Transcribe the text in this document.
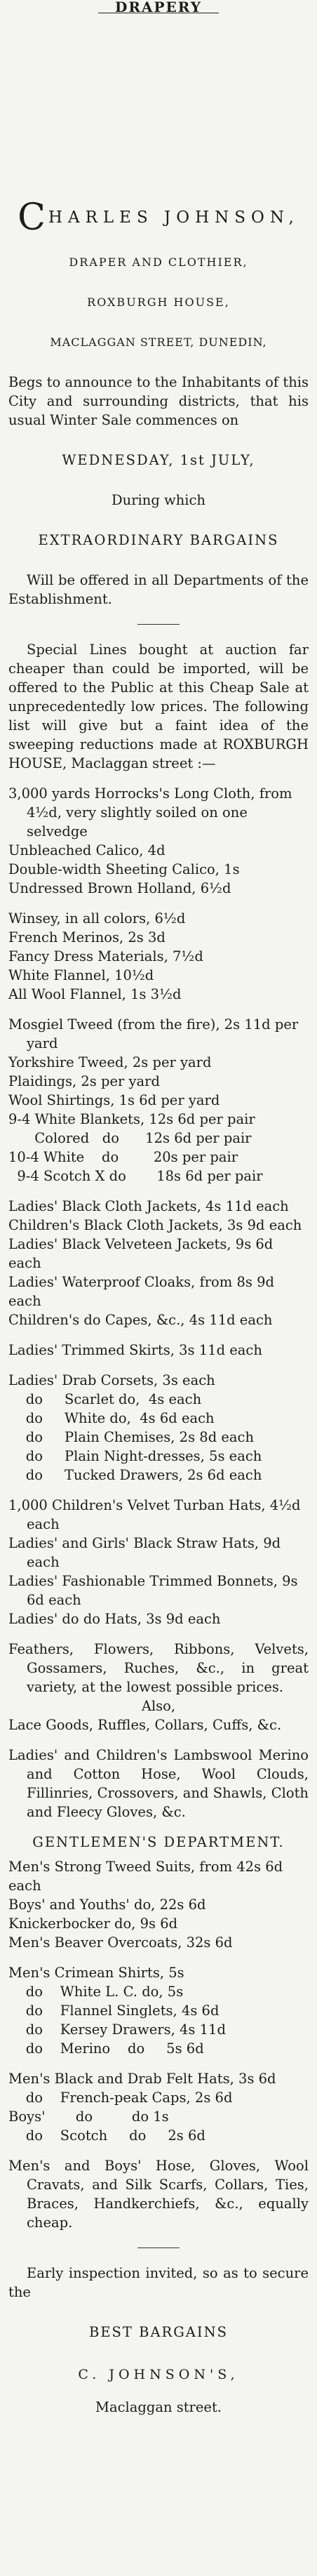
DRAPERY

CHARLES JOHNSON,

DRAPER AND CLOTHIER,

ROXBURGH HOUSE,

MACLAGGAN STREET, DUNEDIN,

Begs to announce to the Inhabitants of this City and surrounding districts, that his usual Winter Sale commences on

WEDNESDAY, 1st JULY,

During which

EXTRAORDINARY BARGAINS

Will be offered in all Departments of the Establishment.

Special Lines bought at auction far cheaper than could be imported, will be offered to the Public at this Cheap Sale at unprecedentedly low prices. The following list will give but a faint idea of the sweeping reductions made at ROXBURGH HOUSE, Maclaggan street :—

3,000 yards Horrocks's Long Cloth, from 4½d, very slightly soiled on one selvedge

Unbleached Calico, 4d

Double-width Sheeting Calico, 1s

Undressed Brown Holland, 6½d

Winsey, in all colors, 6½d

French Merinos, 2s 3d

Fancy Dress Materials, 7½d

White Flannel, 10½d

All Wool Flannel, 1s 3½d

Mosgiel Tweed (from the fire), 2s 11d per yard

Yorkshire Tweed, 2s per yard

Plaidings, 2s per yard

Wool Shirtings, 1s 6d per yard

9-4 White Blankets, 12s 6d per pair

Colored   do      12s 6d per pair

10-4 White    do        20s per pair

9-4 Scotch X do       18s 6d per pair

Ladies' Black Cloth Jackets, 4s 11d each

Children's Black Cloth Jackets, 3s 9d each

Ladies' Black Velveteen Jackets, 9s 6d each

Ladies' Waterproof Cloaks, from 8s 9d each

Children's do Capes, &c., 4s 11d each

Ladies' Trimmed Skirts, 3s 11d each

Ladies' Drab Corsets, 3s each

do     Scarlet do,  4s each

do     White do,  4s 6d each

do     Plain Chemises, 2s 8d each

do     Plain Night-dresses, 5s each

do     Tucked Drawers, 2s 6d each

1,000 Children's Velvet Turban Hats, 4½d each

Ladies' and Girls' Black Straw Hats, 9d each

Ladies' Fashionable Trimmed Bonnets, 9s 6d each

Ladies' do do Hats, 3s 9d each

Feathers, Flowers, Ribbons, Velvets, Gossamers, Ruches, &c., in great variety, at the lowest possible prices.

Also,

Lace Goods, Ruffles, Collars, Cuffs, &c.

Ladies' and Children's Lambswool Merino and Cotton Hose, Wool Clouds, Fillinries, Crossovers, and Shawls, Cloth and Fleecy Gloves, &c.

GENTLEMEN'S DEPARTMENT.

Men's Strong Tweed Suits, from 42s 6d each

Boys' and Youths' do, 22s 6d

Knickerbocker do, 9s 6d

Men's Beaver Overcoats, 32s 6d

Men's Crimean Shirts, 5s

do    White L. C. do, 5s

do    Flannel Singlets, 4s 6d

do    Kersey Drawers, 4s 11d

do    Merino    do     5s 6d

Men's Black and Drab Felt Hats, 3s 6d

do    French-peak Caps, 2s 6d

Boys'       do         do 1s

do    Scotch     do     2s 6d

Men's and Boys' Hose, Gloves, Wool Cravats, and Silk Scarfs, Collars, Ties, Braces, Handkerchiefs, &c., equally cheap.

Early inspection invited, so as to secure the

BEST BARGAINS

C. JOHNSON'S,

Maclaggan street.
